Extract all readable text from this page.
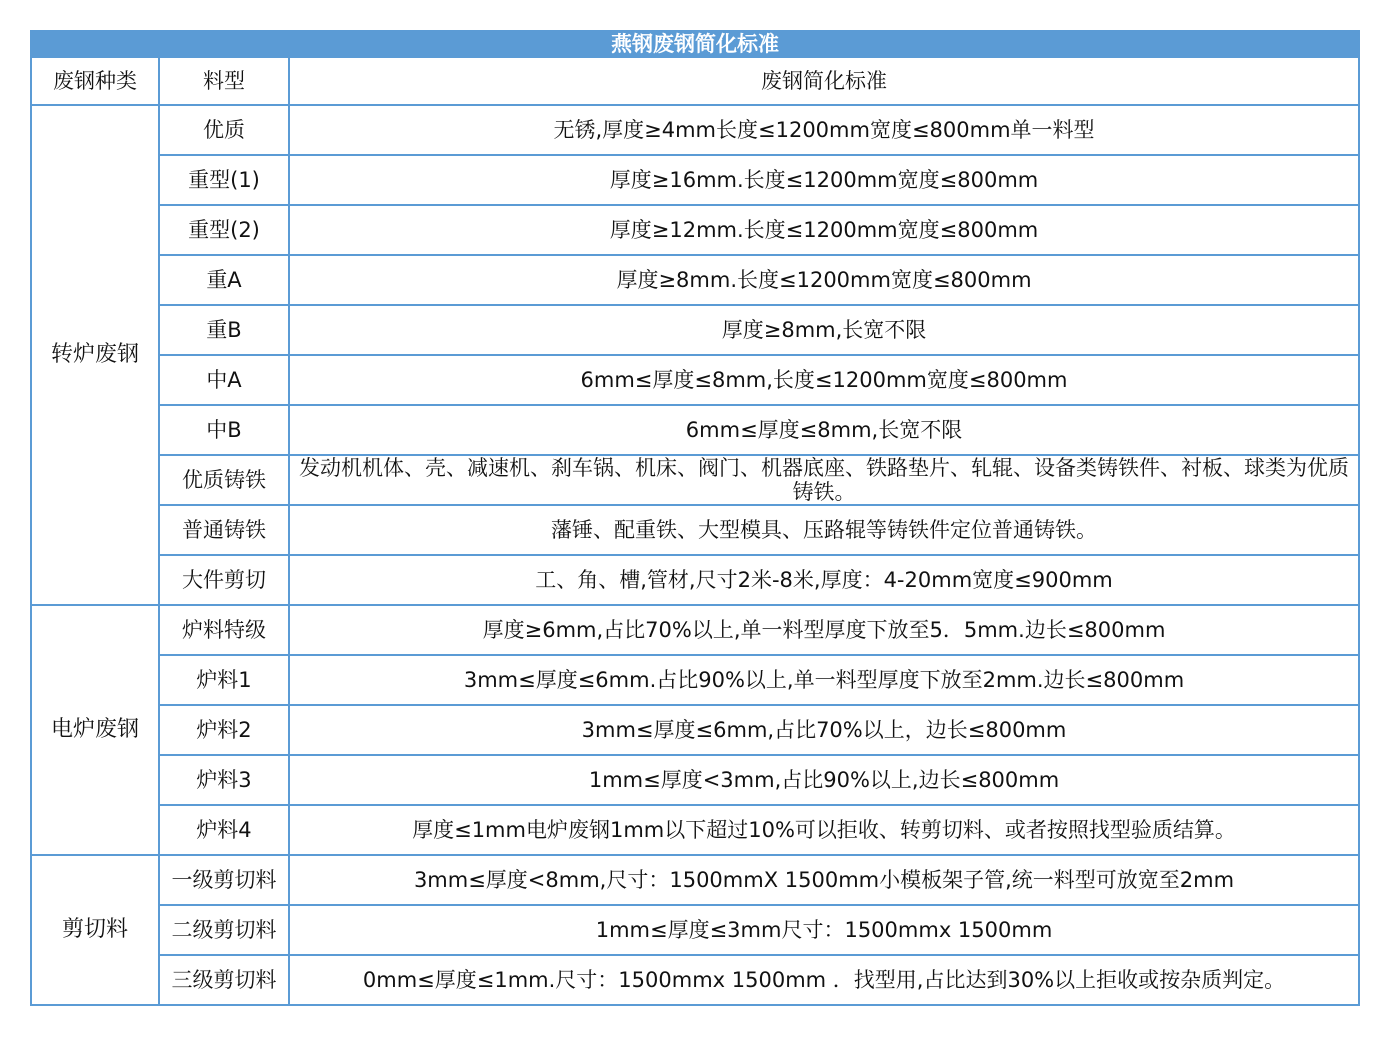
燕钢废钢简化标准		
废钢种类	料型	废钢简化标准
转炉废钢	优质	无锈,厚度≥4mm长度≤1200mm宽度≤800mm单一料型
	重型(1)	厚度≥16mm.长度≤1200mm宽度≤800mm
	重型(2)	厚度≥12mm.长度≤1200mm宽度≤800mm
	重A	厚度≥8mm.长度≤1200mm宽度≤800mm
	重B	厚度≥8mm,长宽不限
	中A	6mm≤厚度≤8mm,长度≤1200mm宽度≤800mm
	中B	6mm≤厚度≤8mm,长宽不限
	优质铸铁	发动机机体、壳、减速机、刹车锅、机床、阀门、机器底座、铁路垫片、轧辊、设备类铸铁件、衬板、球类为优质铸铁。
	普通铸铁	藩锤、配重铁、大型模具、压路辊等铸铁件定位普通铸铁。
	大件剪切	工、角、槽,管材,尺寸2米-8米,厚度：4-20mm宽度≤900mm
电炉废钢	炉料特级	厚度≥6mm,占比70%以上,单一料型厚度下放至5．5mm.边长≤800mm
	炉料1	3mm≤厚度≤6mm.占比90%以上,单一料型厚度下放至2mm.边长≤800mm
	炉料2	3mm≤厚度≤6mm,占比70%以上，边长≤800mm
	炉料3	1mm≤厚度<3mm,占比90%以上,边长≤800mm
	炉料4	厚度≤1mm电炉废钢1mm以下超过10%可以拒收、转剪切料、或者按照找型验质结算。
剪切料	一级剪切料	3mm≤厚度<8mm,尺寸：1500mmX 1500mm小模板架子管,统一料型可放宽至2mm
	二级剪切料	1mm≤厚度≤3mm尺寸：1500mmx 1500mm
	三级剪切料	0mm≤厚度≤1mm.尺寸：1500mmx 1500mm ．找型用,占比达到30%以上拒收或按杂质判定。
